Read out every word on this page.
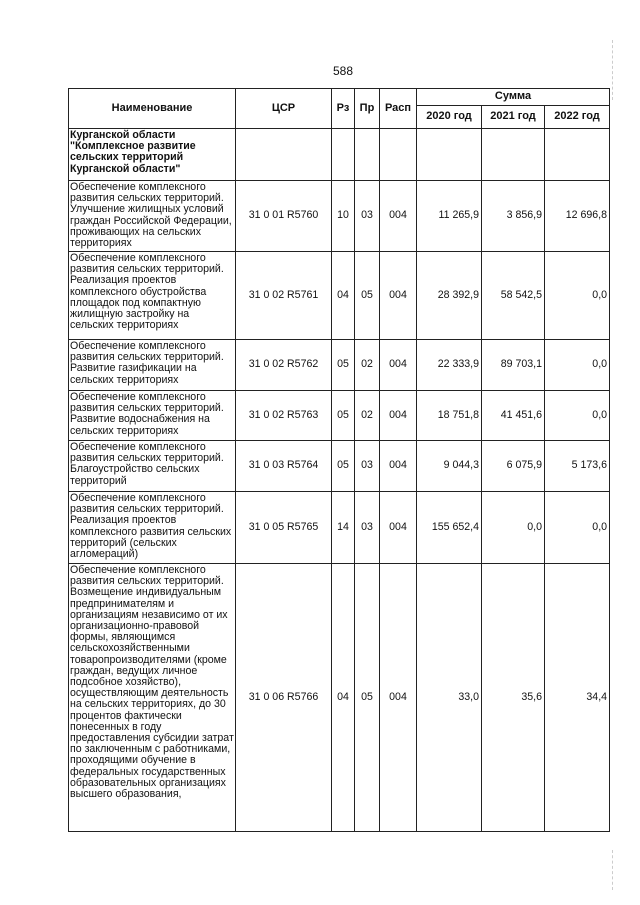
588
Наименование	ЦСР	Рз	Пр	Расп	Сумма		
					2020 год	2021 год	2022 год
Курганской области "Комплексное развитие сельских территорий Курганской области"							
Обеспечение комплексного развития сельских территорий. Улучшение жилищных условий граждан Российской Федерации, проживающих на сельских территориях	31 0 01 R5760	10	03	004	11 265,9	3 856,9	12 696,8
Обеспечение комплексного развития сельских территорий. Реализация проектов комплексного обустройства площадок под компактную жилищную застройку на сельских территориях	31 0 02 R5761	04	05	004	28 392,9	58 542,5	0,0
Обеспечение комплексного развития сельских территорий. Развитие газификации на сельских территориях	31 0 02 R5762	05	02	004	22 333,9	89 703,1	0,0
Обеспечение комплексного развития сельских территорий. Развитие водоснабжения на сельских территориях	31 0 02 R5763	05	02	004	18 751,8	41 451,6	0,0
Обеспечение комплексного развития сельских территорий. Благоустройство сельских территорий	31 0 03 R5764	05	03	004	9 044,3	6 075,9	5 173,6
Обеспечение комплексного развития сельских территорий. Реализация проектов комплексного развития сельских территорий (сельских агломераций)	31 0 05 R5765	14	03	004	155 652,4	0,0	0,0
Обеспечение комплексного развития сельских территорий. Возмещение индивидуальным предпринимателям и организациям независимо от их организационно-правовой формы, являющимся сельскохозяйственными товаропроизводителями (кроме граждан, ведущих личное подсобное хозяйство), осуществляющим деятельность на сельских территориях, до 30 процентов фактически понесенных в году предоставления субсидии затрат по заключенным с работниками, проходящими обучение в федеральных государственных образовательных организациях высшего образования,	31 0 06 R5766	04	05	004	33,0	35,6	34,4
